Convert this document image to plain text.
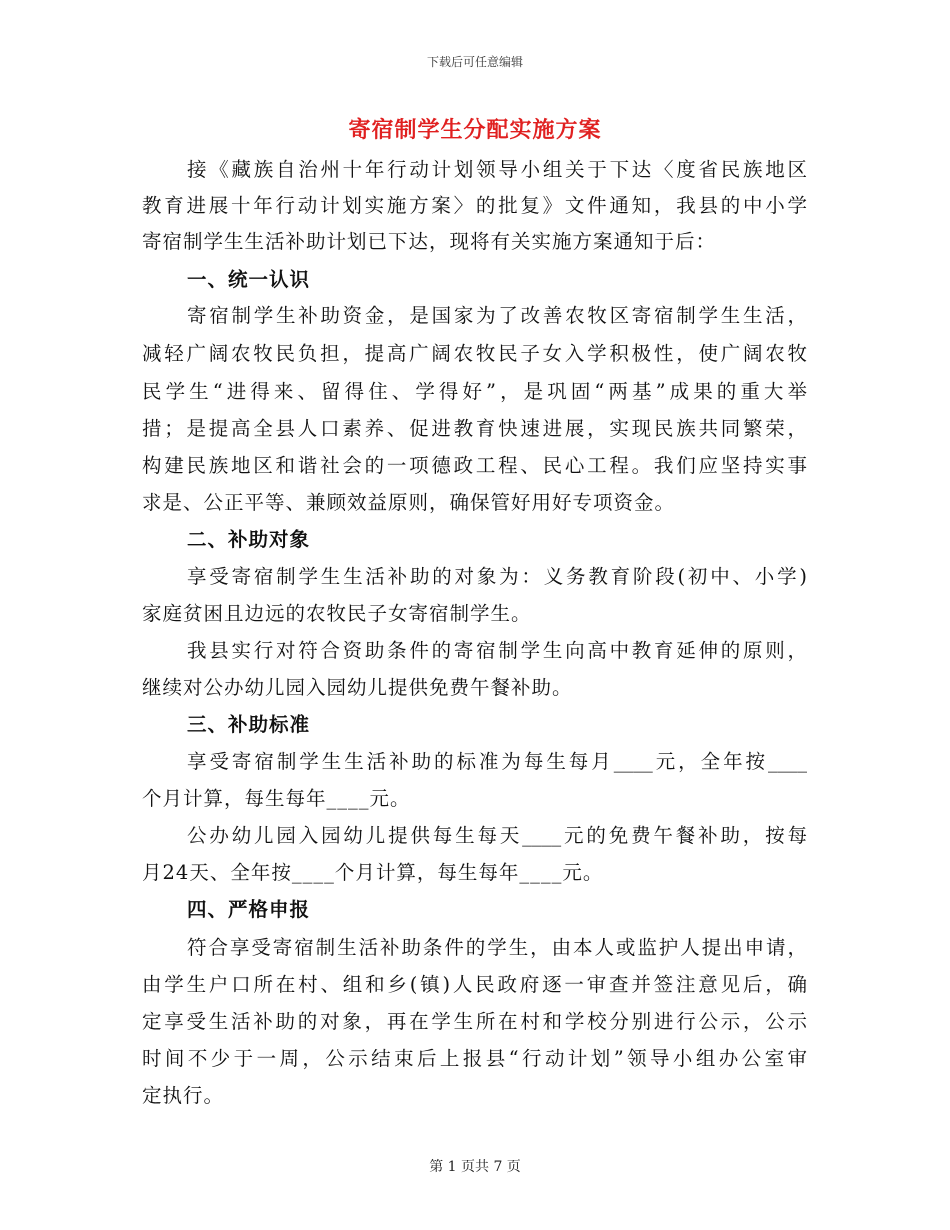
下载后可任意编辑
寄宿制学生分配实施方案
接《藏族自治州十年行动计划领导小组关于下达〈度省民族地区
教育进展十年行动计划实施方案〉的批复》文件通知，我县的中小学
寄宿制学生生活补助计划已下达，现将有关实施方案通知于后：
一、统一认识
寄宿制学生补助资金，是国家为了改善农牧区寄宿制学生生活，
减轻广阔农牧民负担，提高广阔农牧民子女入学积极性，使广阔农牧
民学生“进得来、留得住、学得好”，是巩固“两基”成果的重大举
措；是提高全县人口素养、促进教育快速进展，实现民族共同繁荣，
构建民族地区和谐社会的一项德政工程、民心工程。我们应坚持实事
求是、公正平等、兼顾效益原则，确保管好用好专项资金。
二、补助对象
享受寄宿制学生生活补助的对象为：义务教育阶段(初中、小学)
家庭贫困且边远的农牧民子女寄宿制学生。
我县实行对符合资助条件的寄宿制学生向高中教育延伸的原则，
继续对公办幼儿园入园幼儿提供免费午餐补助。
三、补助标准
享受寄宿制学生生活补助的标准为每生每月____元，全年按____
个月计算，每生每年____元。
公办幼儿园入园幼儿提供每生每天____元的免费午餐补助，按每
月24天、全年按____个月计算，每生每年____元。
四、严格申报
符合享受寄宿制生活补助条件的学生，由本人或监护人提出申请，
由学生户口所在村、组和乡(镇)人民政府逐一审查并签注意见后，确
定享受生活补助的对象，再在学生所在村和学校分别进行公示，公示
时间不少于一周，公示结束后上报县“行动计划”领导小组办公室审
定执行。
第 1 页共 7 页
